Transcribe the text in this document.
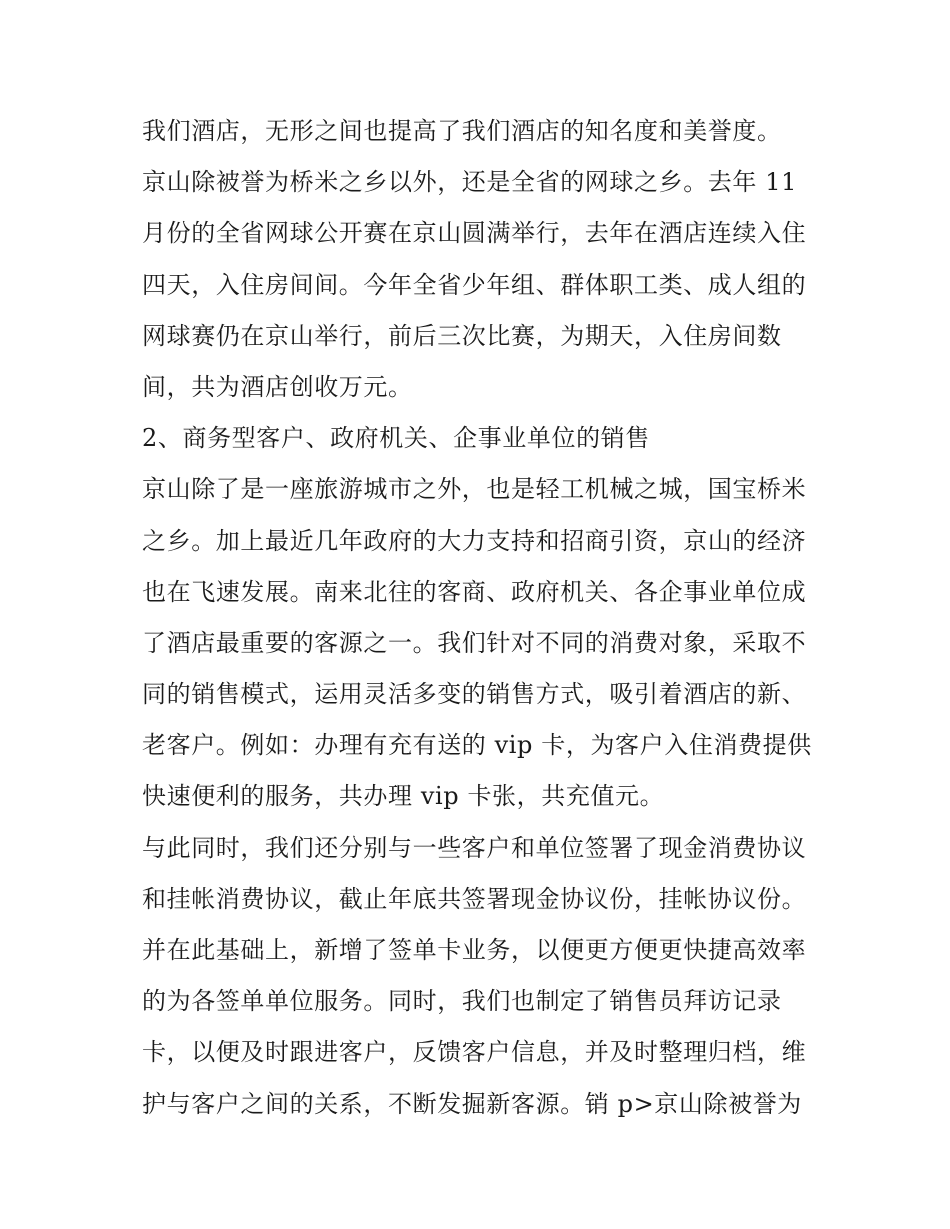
我们酒店，无形之间也提高了我们酒店的知名度和美誉度。
京山除被誉为桥米之乡以外，还是全省的网球之乡。去年 11
月份的全省网球公开赛在京山圆满举行，去年在酒店连续入住
四天，入住房间间。今年全省少年组、群体职工类、成人组的
网球赛仍在京山举行，前后三次比赛，为期天，入住房间数
间，共为酒店创收万元。
2、商务型客户、政府机关、企事业单位的销售
京山除了是一座旅游城市之外，也是轻工机械之城，国宝桥米
之乡。加上最近几年政府的大力支持和招商引资，京山的经济
也在飞速发展。南来北往的客商、政府机关、各企事业单位成
了酒店最重要的客源之一。我们针对不同的消费对象，采取不
同的销售模式，运用灵活多变的销售方式，吸引着酒店的新、
老客户。例如：办理有充有送的 vip 卡，为客户入住消费提供
快速便利的服务，共办理 vip 卡张，共充值元。
与此同时，我们还分别与一些客户和单位签署了现金消费协议
和挂帐消费协议，截止年底共签署现金协议份，挂帐协议份。
并在此基础上，新增了签单卡业务，以便更方便更快捷高效率
的为各签单单位服务。同时，我们也制定了销售员拜访记录
卡，以便及时跟进客户，反馈客户信息，并及时整理归档，维
护与客户之间的关系，不断发掘新客源。销 p>京山除被誉为
